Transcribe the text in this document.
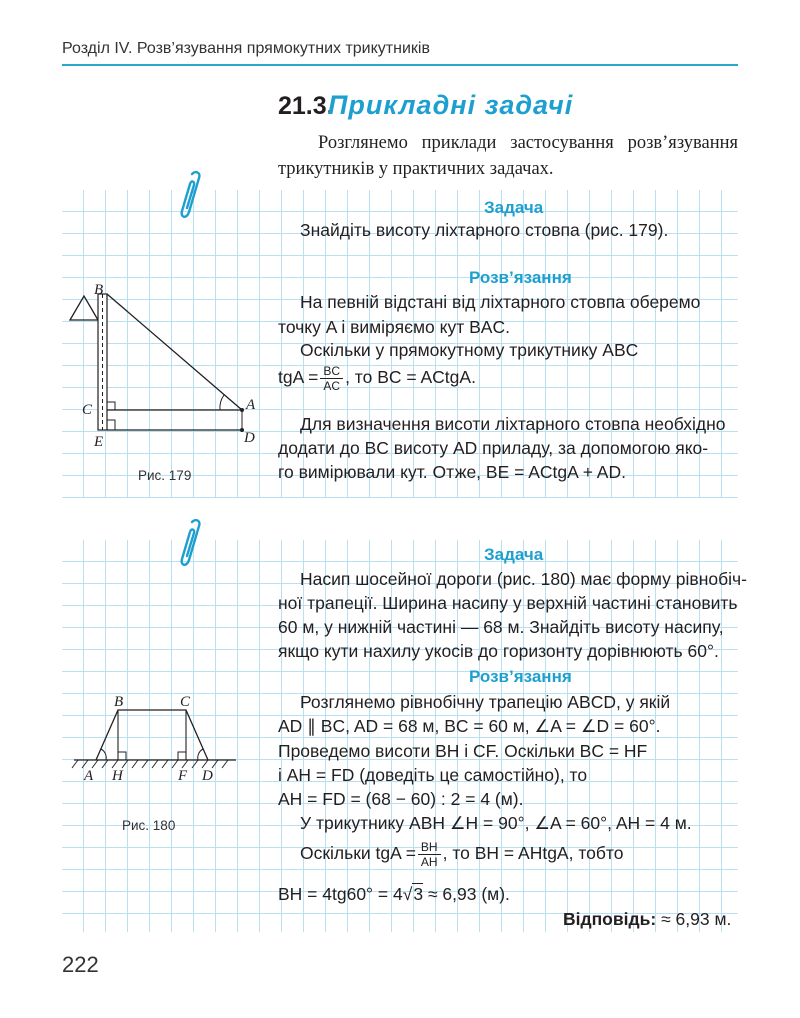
Розділ IV. Розв’язування прямокутних трикутників
21.3.
Прикладні задачі
Розглянемо приклади застосування розв’язування трикутників у практичних задачах.
Задача
Знайдіть висоту ліхтарного стовпа (рис. 179).
Розв’язання
На певній відстані від ліхтарного стовпа оберемо
точку A і виміряємо кут BAC.
Оскільки у прямокутному трикутнику ABC
tgA = $\frac{BC}{AC}$ , то BC = ACtgA.
Для визначення висоти ліхтарного стовпа необхідно
додати до BC висоту AD приладу, за допомогою яко-
го вимірювали кут. Отже, BE = ACtgA + AD.
B
C
E
A
D
Рис. 179
Задача
Насип шосейної дороги (рис. 180) має форму рівнобіч-
ної трапеції. Ширина насипу у верхній частині становить
60 м, у нижній частині — 68 м. Знайдіть висоту насипу,
якщо кути нахилу укосів до горизонту дорівнюють 60°.
Розв’язання
Розглянемо рівнобічну трапецію ABCD, у якій
AD ∥ BC, AD = 68 м, BC = 60 м, ∠A = ∠D = 60°.
Проведемо висоти BH і CF. Оскільки BC = HF
і AH = FD (доведіть це самостійно), то
AH = FD = (68 − 60) : 2 = 4 (м).
У трикутнику ABH ∠H = 90°, ∠A = 60°, AH = 4 м.
Оскільки tgA = $\frac{BH}{AH}$ , то BH = AHtgA, тобто
BH = 4tg60° = 4√3 ≈ 6,93 (м).
Відповідь: ≈ 6,93 м.
B	C
A H	F D
Рис. 180
222
